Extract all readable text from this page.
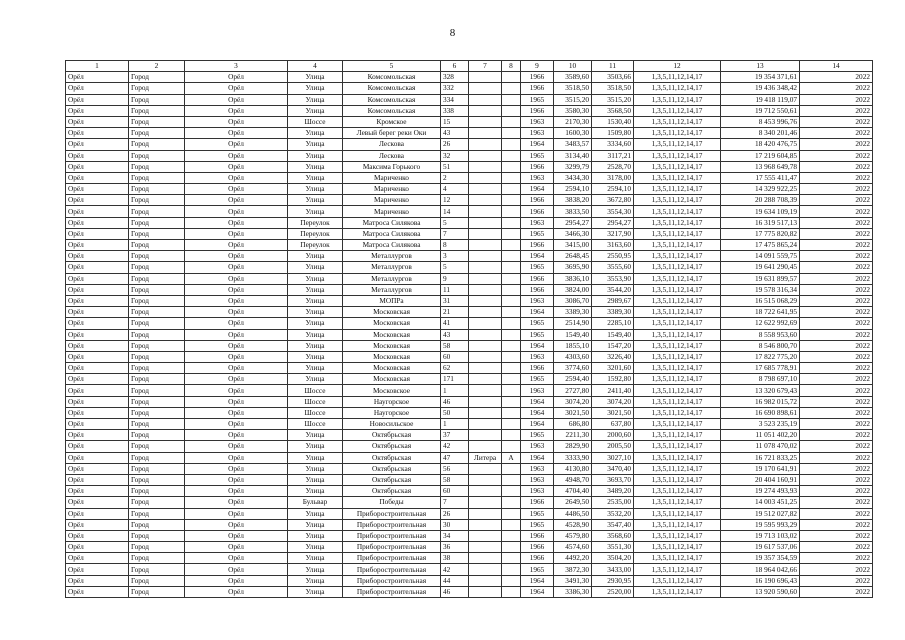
8
1	2	3	4	5	6	7	8	9	10	11	12	13	14
Орёл	Город	Орёл	Улица	Комсомольская	328			1966	3589,60	3503,66	1,3,5,11,12,14,17	19 354 371,61	2022
Орёл	Город	Орёл	Улица	Комсомольская	332			1966	3518,50	3518,50	1,3,5,11,12,14,17	19 436 348,42	2022
Орёл	Город	Орёл	Улица	Комсомольская	334			1965	3515,20	3515,20	1,3,5,11,12,14,17	19 418 119,07	2022
Орёл	Город	Орёл	Улица	Комсомольская	338			1966	3580,30	3568,50	1,3,5,11,12,14,17	19 712 550,61	2022
Орёл	Город	Орёл	Шоссе	Кромское	15			1963	2170,30	1530,40	1,3,5,11,12,14,17	8 453 996,76	2022
Орёл	Город	Орёл	Улица	Левый берег реки Оки	43			1963	1600,30	1509,80	1,3,5,11,12,14,17	8 340 201,46	2022
Орёл	Город	Орёл	Улица	Лескова	26			1964	3483,57	3334,60	1,3,5,11,12,14,17	18 420 476,75	2022
Орёл	Город	Орёл	Улица	Лескова	32			1965	3134,40	3117,21	1,3,5,11,12,14,17	17 219 604,85	2022
Орёл	Город	Орёл	Улица	Максима Горького	51			1966	3299,79	2528,70	1,3,5,11,12,14,17	13 968 649,78	2022
Орёл	Город	Орёл	Улица	Мариченко	2			1963	3434,30	3178,00	1,3,5,11,12,14,17	17 555 411,47	2022
Орёл	Город	Орёл	Улица	Мариченко	4			1964	2594,10	2594,10	1,3,5,11,12,14,17	14 329 922,25	2022
Орёл	Город	Орёл	Улица	Мариченко	12			1966	3838,20	3672,80	1,3,5,11,12,14,17	20 288 708,39	2022
Орёл	Город	Орёл	Улица	Мариченко	14			1966	3833,50	3554,30	1,3,5,11,12,14,17	19 634 109,19	2022
Орёл	Город	Орёл	Переулок	Матроса Силякова	5			1963	2954,27	2954,27	1,3,5,11,12,14,17	16 319 517,13	2022
Орёл	Город	Орёл	Переулок	Матроса Силякова	7			1965	3466,30	3217,90	1,3,5,11,12,14,17	17 775 820,82	2022
Орёл	Город	Орёл	Переулок	Матроса Силякова	8			1966	3415,00	3163,60	1,3,5,11,12,14,17	17 475 865,24	2022
Орёл	Город	Орёл	Улица	Металлургов	3			1964	2648,45	2550,95	1,3,5,11,12,14,17	14 091 559,75	2022
Орёл	Город	Орёл	Улица	Металлургов	5			1965	3695,90	3555,60	1,3,5,11,12,14,17	19 641 290,45	2022
Орёл	Город	Орёл	Улица	Металлургов	9			1966	3836,10	3553,90	1,3,5,11,12,14,17	19 631 899,57	2022
Орёл	Город	Орёл	Улица	Металлургов	11			1966	3824,00	3544,20	1,3,5,11,12,14,17	19 578 316,34	2022
Орёл	Город	Орёл	Улица	МОПРа	31			1963	3086,70	2989,67	1,3,5,11,12,14,17	16 515 068,29	2022
Орёл	Город	Орёл	Улица	Московская	21			1964	3389,30	3389,30	1,3,5,11,12,14,17	18 722 641,95	2022
Орёл	Город	Орёл	Улица	Московская	41			1965	2514,90	2285,10	1,3,5,11,12,14,17	12 622 992,69	2022
Орёл	Город	Орёл	Улица	Московская	43			1965	1549,40	1549,40	1,3,5,11,12,14,17	8 558 953,60	2022
Орёл	Город	Орёл	Улица	Московская	58			1964	1855,10	1547,20	1,3,5,11,12,14,17	8 546 800,70	2022
Орёл	Город	Орёл	Улица	Московская	60			1963	4303,60	3226,40	1,3,5,11,12,14,17	17 822 775,20	2022
Орёл	Город	Орёл	Улица	Московская	62			1966	3774,60	3201,60	1,3,5,11,12,14,17	17 685 778,91	2022
Орёл	Город	Орёл	Улица	Московская	171			1965	2594,40	1592,80	1,3,5,11,12,14,17	8 798 697,10	2022
Орёл	Город	Орёл	Шоссе	Московское	1			1963	2727,80	2411,40	1,3,5,11,12,14,17	13 320 679,43	2022
Орёл	Город	Орёл	Шоссе	Наугорское	46			1964	3074,20	3074,20	1,3,5,11,12,14,17	16 982 015,72	2022
Орёл	Город	Орёл	Шоссе	Наугорское	50			1964	3021,50	3021,50	1,3,5,11,12,14,17	16 690 898,61	2022
Орёл	Город	Орёл	Шоссе	Новосильское	1			1964	686,80	637,80	1,3,5,11,12,14,17	3 523 235,19	2022
Орёл	Город	Орёл	Улица	Октябрьская	37			1965	2211,30	2000,60	1,3,5,11,12,14,17	11 051 402,20	2022
Орёл	Город	Орёл	Улица	Октябрьская	42			1963	2829,90	2005,50	1,3,5,11,12,14,17	11 078 470,02	2022
Орёл	Город	Орёл	Улица	Октябрьская	47	Литера	А	1964	3333,90	3027,10	1,3,5,11,12,14,17	16 721 833,25	2022
Орёл	Город	Орёл	Улица	Октябрьская	56			1963	4130,80	3470,40	1,3,5,11,12,14,17	19 170 641,91	2022
Орёл	Город	Орёл	Улица	Октябрьская	58			1963	4948,70	3693,70	1,3,5,11,12,14,17	20 404 160,91	2022
Орёл	Город	Орёл	Улица	Октябрьская	60			1963	4704,40	3489,20	1,3,5,11,12,14,17	19 274 493,93	2022
Орёл	Город	Орёл	Бульвар	Победы	7			1966	2649,50	2535,00	1,3,5,11,12,14,17	14 003 451,25	2022
Орёл	Город	Орёл	Улица	Приборостроительная	26			1965	4486,50	3532,20	1,3,5,11,12,14,17	19 512 027,82	2022
Орёл	Город	Орёл	Улица	Приборостроительная	30			1965	4528,90	3547,40	1,3,5,11,12,14,17	19 595 993,29	2022
Орёл	Город	Орёл	Улица	Приборостроительная	34			1966	4579,80	3568,60	1,3,5,11,12,14,17	19 713 103,02	2022
Орёл	Город	Орёл	Улица	Приборостроительная	36			1966	4574,60	3551,30	1,3,5,11,12,14,17	19 617 537,06	2022
Орёл	Город	Орёл	Улица	Приборостроительная	38			1966	4492,20	3504,20	1,3,5,11,12,14,17	19 357 354,59	2022
Орёл	Город	Орёл	Улица	Приборостроительная	42			1965	3872,30	3433,00	1,3,5,11,12,14,17	18 964 042,66	2022
Орёл	Город	Орёл	Улица	Приборостроительная	44			1964	3491,30	2930,95	1,3,5,11,12,14,17	16 190 696,43	2022
Орёл	Город	Орёл	Улица	Приборостроительная	46			1964	3386,30	2520,00	1,3,5,11,12,14,17	13 920 590,60	2022
